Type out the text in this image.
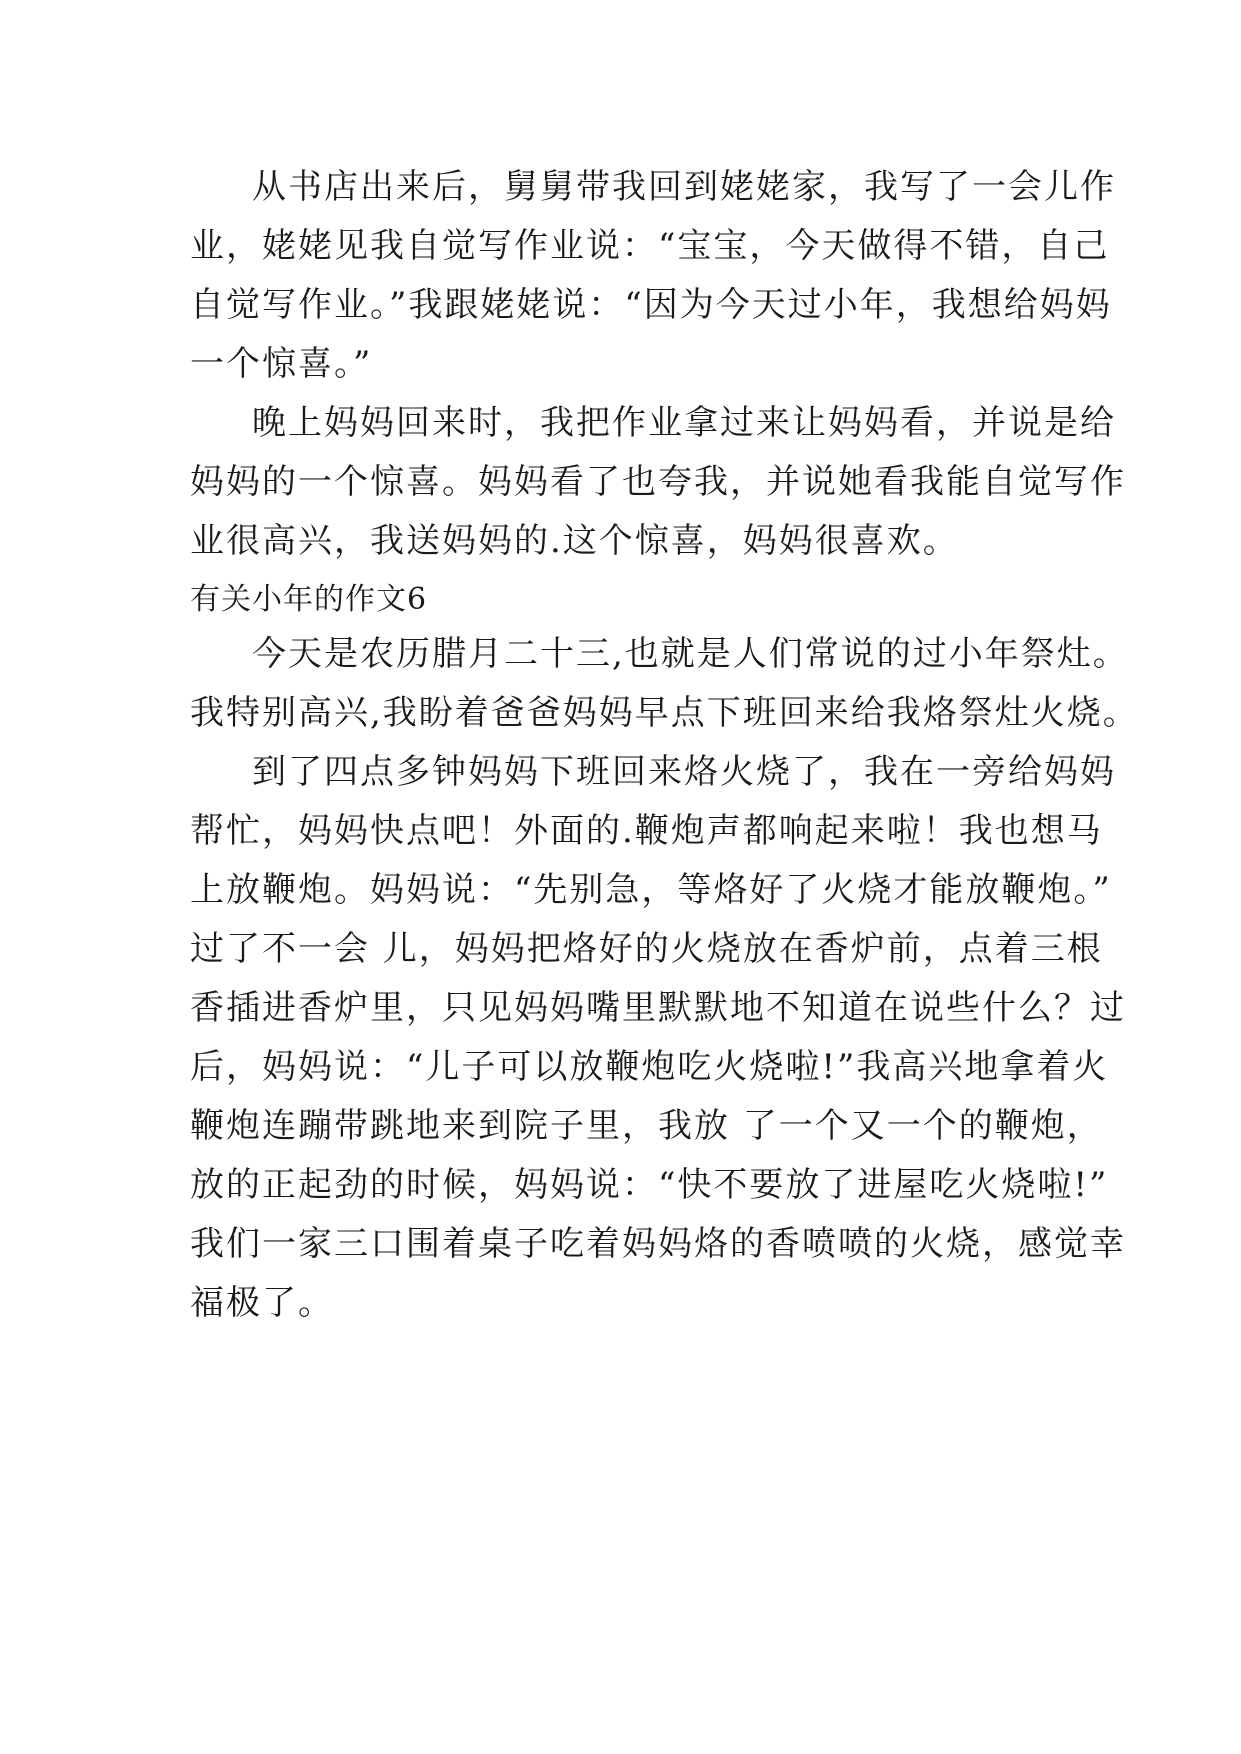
从书店出来后，舅舅带我回到姥姥家，我写了一会儿作
业，姥姥见我自觉写作业说：“宝宝，今天做得不错，自己
自觉写作业。”我跟姥姥说：“因为今天过小年，我想给妈妈
一个惊喜。”
晚上妈妈回来时，我把作业拿过来让妈妈看，并说是给
妈妈的一个惊喜。妈妈看了也夸我，并说她看我能自觉写作
业很高兴，我送妈妈的.这个惊喜，妈妈很喜欢。
有关小年的作文6
今天是农历腊月二十三,也就是人们常说的过小年祭灶。
我特别高兴,我盼着爸爸妈妈早点下班回来给我烙祭灶火烧。
到了四点多钟妈妈下班回来烙火烧了，我在一旁给妈妈
帮忙，妈妈快点吧！外面的.鞭炮声都响起来啦！我也想马
上放鞭炮。妈妈说：“先别急，等烙好了火烧才能放鞭炮。”
过了不一会 儿，妈妈把烙好的火烧放在香炉前，点着三根
香插进香炉里，只见妈妈嘴里默默地不知道在说些什么？过
后，妈妈说：“儿子可以放鞭炮吃火烧啦!”我高兴地拿着火
鞭炮连蹦带跳地来到院子里，我放 了一个又一个的鞭炮，
放的正起劲的时候，妈妈说：“快不要放了进屋吃火烧啦!”
我们一家三口围着桌子吃着妈妈烙的香喷喷的火烧，感觉幸
福极了。
